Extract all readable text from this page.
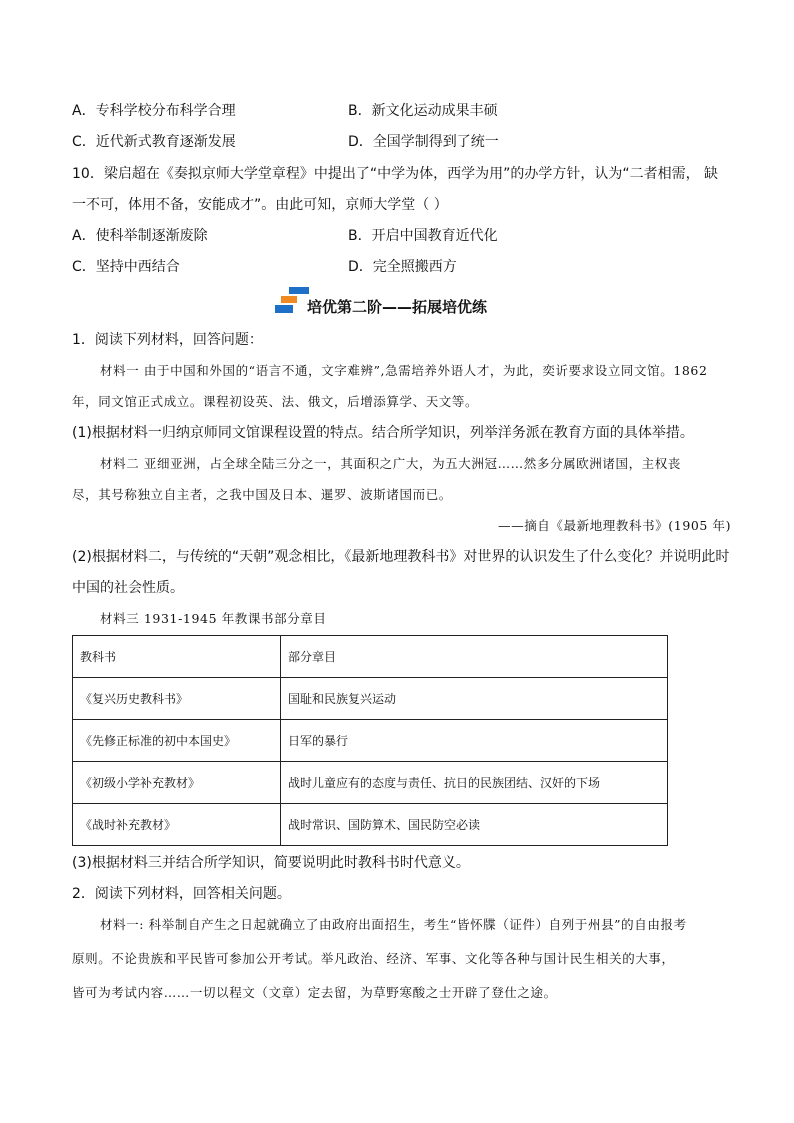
A．专科学校分布科学合理	B．新文化运动成果丰硕
C．近代新式教育逐渐发展	D．全国学制得到了统一
10．梁启超在《奏拟京师大学堂章程》中提出了“中学为体，西学为用”的办学方针，认为“二者相需， 缺
一不可，体用不备，安能成才”。由此可知，京师大学堂（ ）
A．使科举制逐渐废除	B．开启中国教育近代化
C．坚持中西结合	D．完全照搬西方
培优第二阶——拓展培优练
1．阅读下列材料，回答问题：
材料一 由于中国和外国的“语言不通，文字难辨”,急需培养外语人才，为此，奕䜣要求设立同文馆。1862
年，同文馆正式成立。课程初设英、法、俄文，后增添算学、天文等。
(1)根据材料一归纳京师同文馆课程设置的特点。结合所学知识，列举洋务派在教育方面的具体举措。
材料二 亚细亚洲，占全球全陆三分之一，其面积之广大，为五大洲冠……然多分属欧洲诸国，主权丧
尽，其号称独立自主者，之我中国及日本、暹罗、波斯诸国而已。
——摘自《最新地理教科书》(1905 年)
(2)根据材料二，与传统的“天朝”观念相比，《最新地理教科书》对世界的认识发生了什么变化？并说明此时
中国的社会性质。
材料三 1931-1945 年教课书部分章目
教科书	部分章目
《复兴历史教科书》	国耻和民族复兴运动
《先修正标准的初中本国史》	日军的暴行
《初级小学补充教材》	战时儿童应有的态度与责任、抗日的民族团结、汉奸的下场
《战时补充教材》	战时常识、国防算术、国民防空必读
(3)根据材料三并结合所学知识，简要说明此时教科书时代意义。
2．阅读下列材料，回答相关问题。
材料一: 科举制自产生之日起就确立了由政府出面招生，考生“皆怀牒（证件）自列于州县”的自由报考
原则。不论贵族和平民皆可参加公开考试。举凡政治、经济、军事、文化等各种与国计民生相关的大事，
皆可为考试内容……一切以程文（文章）定去留，为草野寒酸之士开辟了登仕之途。
